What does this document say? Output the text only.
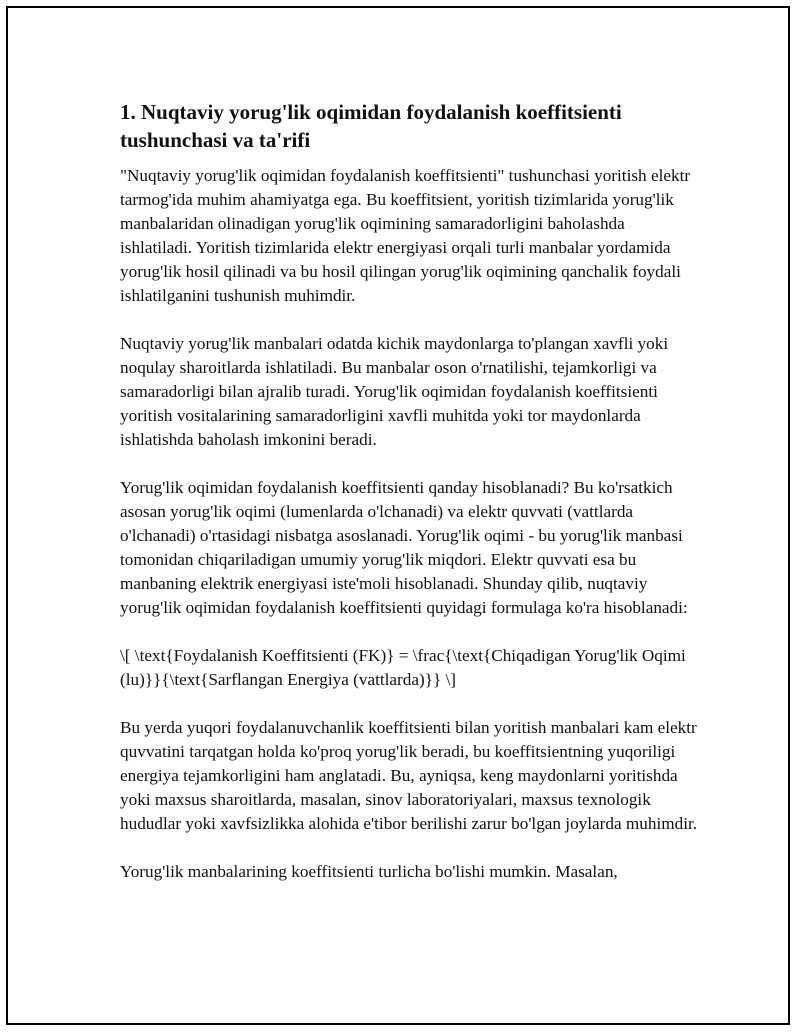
1. Nuqtaviy yorug'lik oqimidan foydalanish koeffitsienti tushunchasi va ta'rifi

"Nuqtaviy yorug'lik oqimidan foydalanish koeffitsienti" tushunchasi yoritish elektr tarmog'ida muhim ahamiyatga ega. Bu koeffitsient, yoritish tizimlarida yorug'lik manbalaridan olinadigan yorug'lik oqimining samaradorligini baholashda ishlatiladi. Yoritish tizimlarida elektr energiyasi orqali turli manbalar yordamida yorug'lik hosil qilinadi va bu hosil qilingan yorug'lik oqimining qanchalik foydali ishlatilganini tushunish muhimdir.

Nuqtaviy yorug'lik manbalari odatda kichik maydonlarga to'plangan xavfli yoki noqulay sharoitlarda ishlatiladi. Bu manbalar oson o'rnatilishi, tejamkorligi va samaradorligi bilan ajralib turadi. Yorug'lik oqimidan foydalanish koeffitsienti yoritish vositalarining samaradorligini xavfli muhitda yoki tor maydonlarda ishlatishda baholash imkonini beradi.

Yorug'lik oqimidan foydalanish koeffitsienti qanday hisoblanadi? Bu ko'rsatkich asosan yorug'lik oqimi (lumenlarda o'lchanadi) va elektr quvvati (vattlarda o'lchanadi) o'rtasidagi nisbatga asoslanadi. Yorug'lik oqimi - bu yorug'lik manbasi tomonidan chiqariladigan umumiy yorug'lik miqdori. Elektr quvvati esa bu manbaning elektrik energiyasi iste'moli hisoblanadi. Shunday qilib, nuqtaviy yorug'lik oqimidan foydalanish koeffitsienti quyidagi formulaga ko'ra hisoblanadi:

\[ \text{Foydalanish Koeffitsienti (FK)} = \frac{\text{Chiqadigan Yorug'lik Oqimi (lu)}}{\text{Sarflangan Energiya (vattlarda)}} \]

Bu yerda yuqori foydalanuvchanlik koeffitsienti bilan yoritish manbalari kam elektr quvvatini tarqatgan holda ko'proq yorug'lik beradi, bu koeffitsientning yuqoriligi energiya tejamkorligini ham anglatadi. Bu, ayniqsa, keng maydonlarni yoritishda yoki maxsus sharoitlarda, masalan, sinov laboratoriyalari, maxsus texnologik hududlar yoki xavfsizlikka alohida e'tibor berilishi zarur bo'lgan joylarda muhimdir.

Yorug'lik manbalarining koeffitsienti turlicha bo'lishi mumkin. Masalan,
